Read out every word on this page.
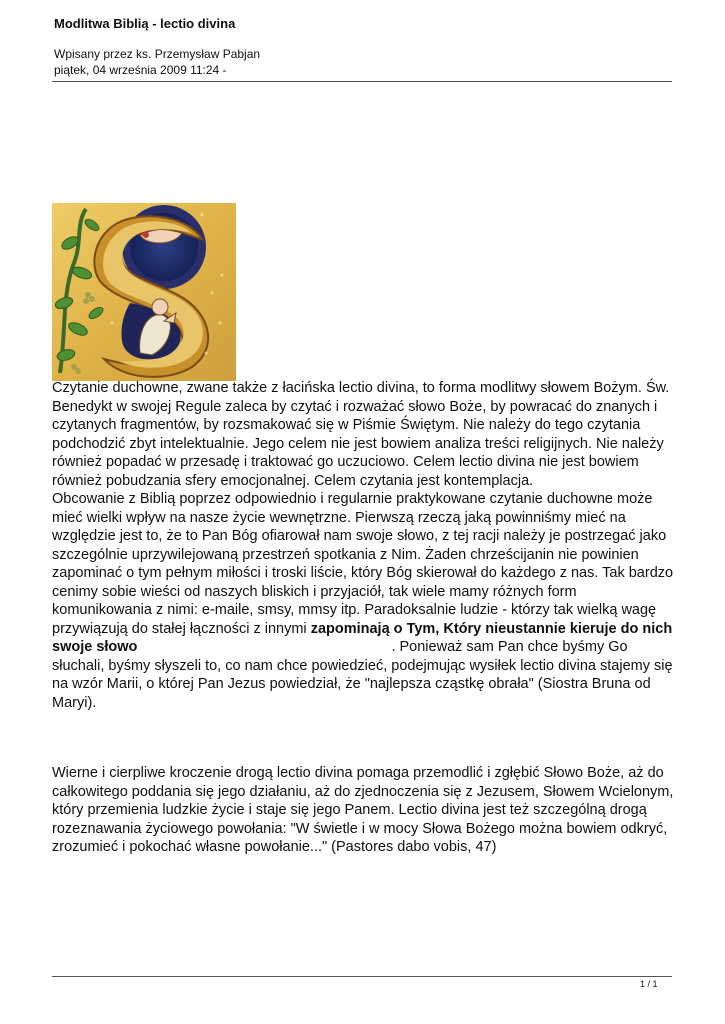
Modlitwa Biblią - lectio divina
Wpisany przez ks. Przemysław Pabjan
piątek, 04 września 2009 11:24 -

Czytanie duchowne, zwane także z łacińska lectio divina, to forma modlitwy słowem Bożym. Św. Benedykt w swojej Regule zaleca by czytać i rozważać słowo Boże, by powracać do znanych i czytanych fragmentów, by rozsmakować się w Piśmie Świętym. Nie należy do tego czytania podchodzić zbyt intelektualnie. Jego celem nie jest bowiem analiza treści religijnych. Nie należy również popadać w przesadę i traktować go uczuciowo. Celem lectio divina nie jest bowiem również pobudzania sfery emocjonalnej. Celem czytania jest kontemplacja.
Obcowanie z Biblią poprzez odpowiednio i regularnie praktykowane czytanie duchowne może mieć wielki wpływ na nasze życie wewnętrzne. Pierwszą rzeczą jaką powinniśmy mieć na względzie jest to, że to Pan Bóg ofiarował nam swoje słowo, z tej racji należy je postrzegać jako szczególnie uprzywilejowaną przestrzeń spotkania z Nim. Żaden chrześcijanin nie powinien zapominać o tym pełnym miłości i troski liście, który Bóg skierował do każdego z nas. Tak bardzo cenimy sobie wieści od naszych bliskich i przyjaciół, tak wiele mamy różnych form komunikowania z nimi: e-maile, smsy, mmsy itp. Paradoksalnie ludzie - którzy tak wielką wagę przywiązują do stałej łączności z innymi zapominają o Tym, Który nieustannie kieruje do nich swoje słowo	. Ponieważ sam Pan chce byśmy Go słuchali, byśmy słyszeli to, co nam chce powiedzieć, podejmując wysiłek lectio divina stajemy się na wzór Marii, o której Pan Jezus powiedział, że "najlepsza cząstkę obrała" (Siostra Bruna od Maryi).

Wierne i cierpliwe kroczenie drogą lectio divina pomaga przemodlić i zgłębić Słowo Boże, aż do całkowitego poddania się jego działaniu, aż do zjednoczenia się z Jezusem, Słowem Wcielonym, który przemienia ludzkie życie i staje się jego Panem. Lectio divina jest też szczególną drogą rozeznawania życiowego powołania: "W świetle i w mocy Słowa Bożego można bowiem odkryć, zrozumieć i pokochać własne powołanie..." (Pastores dabo vobis, 47)

1 / 1
